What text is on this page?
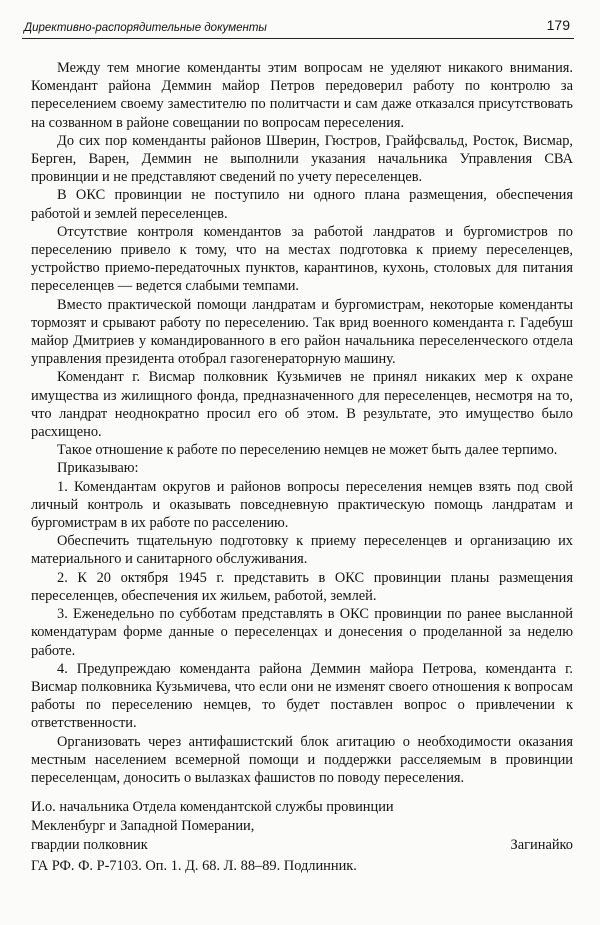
Директивно-распорядительные документы	179

Между тем многие коменданты этим вопросам не уделяют никакого внимания. Комендант района Деммин майор Петров передоверил работу по контролю за переселением своему заместителю по политчасти и сам даже отказался присутствовать на созванном в районе совещании по вопросам переселения.

До сих пор коменданты районов Шверин, Гюстров, Грайфсвальд, Росток, Висмар, Берген, Варен, Деммин не выполнили указания начальника Управления СВА провинции и не представляют сведений по учету переселенцев.

В ОКС провинции не поступило ни одного плана размещения, обеспечения работой и землей переселенцев.

Отсутствие контроля комендантов за работой ландратов и бургомистров по переселению привело к тому, что на местах подготовка к приему переселенцев, устройство приемо-передаточных пунктов, карантинов, кухонь, столовых для питания переселенцев — ведется слабыми темпами.

Вместо практической помощи ландратам и бургомистрам, некоторые коменданты тормозят и срывают работу по переселению. Так врид военного коменданта г. Гадебуш майор Дмитриев у командированного в его район начальника переселенческого отдела управления президента отобрал газогенераторную машину.

Комендант г. Висмар полковник Кузьмичев не принял никаких мер к охране имущества из жилищного фонда, предназначенного для переселенцев, несмотря на то, что ландрат неоднократно просил его об этом. В результате, это имущество было расхищено.

Такое отношение к работе по переселению немцев не может быть далее терпимо.

Приказываю:

1. Комендантам округов и районов вопросы переселения немцев взять под свой личный контроль и оказывать повседневную практическую помощь ландратам и бургомистрам в их работе по расселению.

Обеспечить тщательную подготовку к приему переселенцев и организацию их материального и санитарного обслуживания.

2. К 20 октября 1945 г. представить в ОКС провинции планы размещения переселенцев, обеспечения их жильем, работой, землей.

3. Еженедельно по субботам представлять в ОКС провинции по ранее высланной комендатурам форме данные о переселенцах и донесения о проделанной за неделю работе.

4. Предупреждаю коменданта района Деммин майора Петрова, коменданта г. Висмар полковника Кузьмичева, что если они не изменят своего отношения к вопросам работы по переселению немцев, то будет поставлен вопрос о привлечении к ответственности.

Организовать через антифашистский блок агитацию о необходимости оказания местным населением всемерной помощи и поддержки расселяемым в провинции переселенцам, доносить о вылазках фашистов по поводу переселения.

И.о. начальника Отдела комендантской службы провинции
Мекленбург и Западной Померании,
гвардии полковник	Загинайко
ГА РФ. Ф. Р-7103. Оп. 1. Д. 68. Л. 88–89. Подлинник.
